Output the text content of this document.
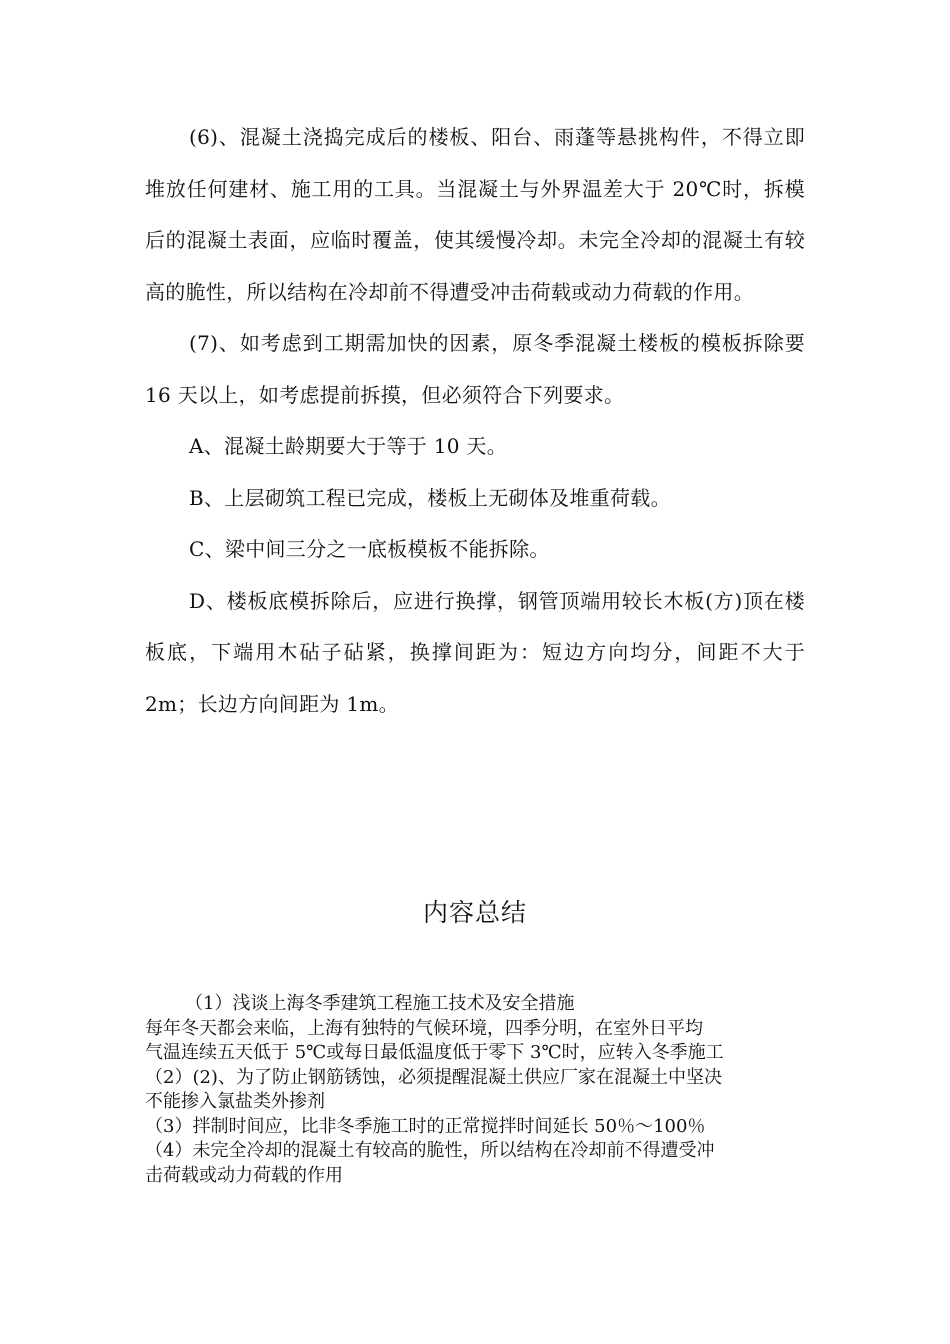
(6)、混凝土浇捣完成后的楼板、阳台、雨蓬等悬挑构件，不得立即堆放任何建材、施工用的工具。当混凝土与外界温差大于 20℃时，拆模后的混凝土表面，应临时覆盖，使其缓慢冷却。未完全冷却的混凝土有较高的脆性，所以结构在冷却前不得遭受冲击荷载或动力荷载的作用。

(7)、如考虑到工期需加快的因素，原冬季混凝土楼板的模板拆除要 16 天以上，如考虑提前拆摸，但必须符合下列要求。

A、混凝土龄期要大于等于 10 天。

B、上层砌筑工程已完成，楼板上无砌体及堆重荷载。

C、梁中间三分之一底板模板不能拆除。

D、楼板底模拆除后，应进行换撑，钢管顶端用较长木板(方)顶在楼板底，下端用木砧子砧紧，换撑间距为：短边方向均分，间距不大于 2m；长边方向间距为 1m。

内容总结

（1）浅谈上海冬季建筑工程施工技术及安全措施

每年冬天都会来临，上海有独特的气候环境，四季分明，在室外日平均

气温连续五天低于 5℃或每日最低温度低于零下 3℃时，应转入冬季施工

（2）(2)、为了防止钢筋锈蚀，必须提醒混凝土供应厂家在混凝土中坚决

不能掺入氯盐类外掺剂

（3）拌制时间应，比非冬季施工时的正常搅拌时间延长 50％～100％

（4）未完全冷却的混凝土有较高的脆性，所以结构在冷却前不得遭受冲

击荷载或动力荷载的作用
